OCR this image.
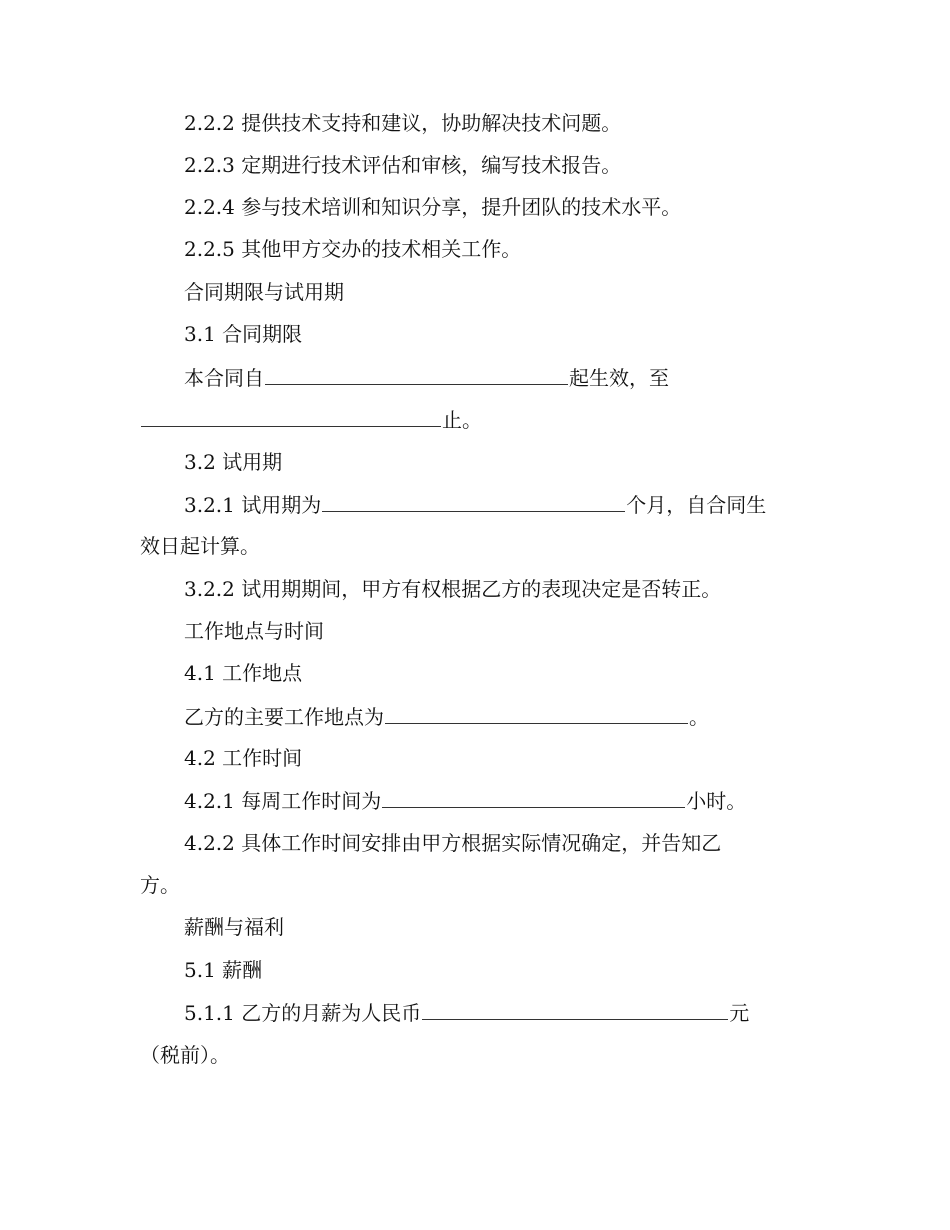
2.2.2 提供技术支持和建议，协助解决技术问题。
2.2.3 定期进行技术评估和审核，编写技术报告。
2.2.4 参与技术培训和知识分享，提升团队的技术水平。
2.2.5 其他甲方交办的技术相关工作。
合同期限与试用期
3.1 合同期限
本合同自	起生效，至
止。
3.2 试用期
3.2.1 试用期为	个月，自合同生
效日起计算。
3.2.2 试用期期间，甲方有权根据乙方的表现决定是否转正。
工作地点与时间
4.1 工作地点
乙方的主要工作地点为	。
4.2 工作时间
4.2.1 每周工作时间为	小时。
4.2.2 具体工作时间安排由甲方根据实际情况确定，并告知乙
方。
薪酬与福利
5.1 薪酬
5.1.1 乙方的月薪为人民币	元
（税前）。
